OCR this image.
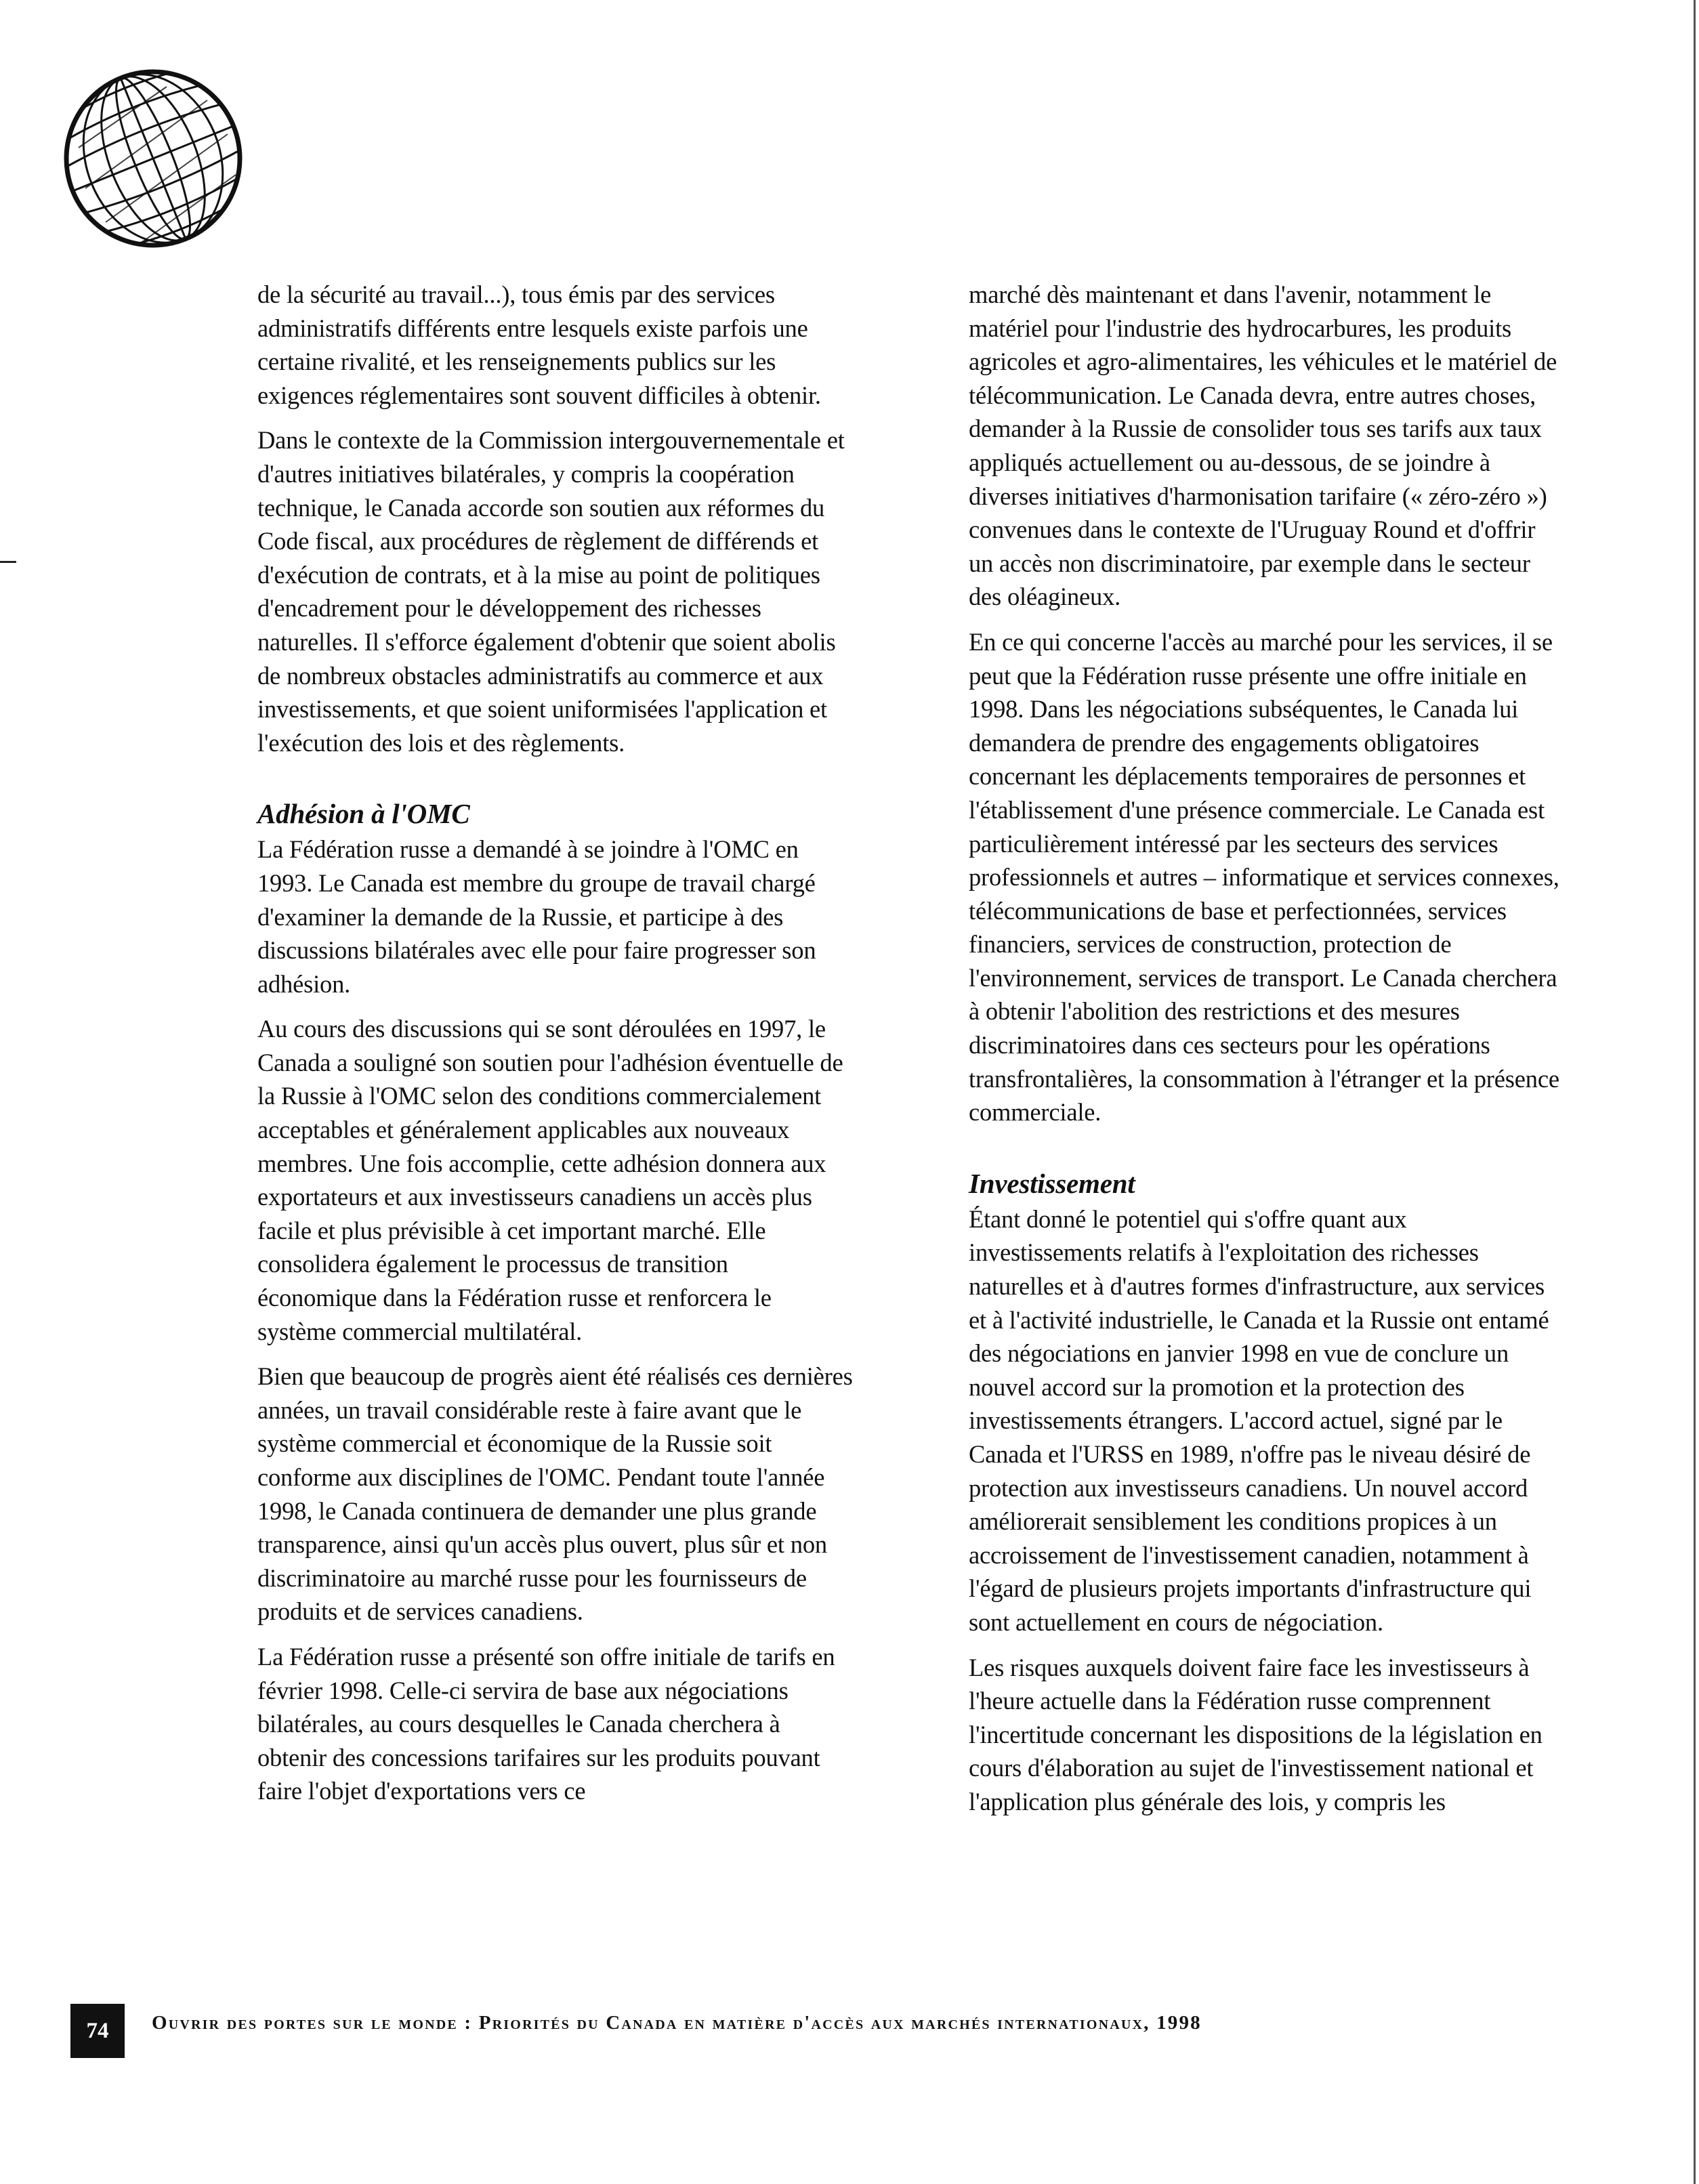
de la sécurité au travail...), tous émis par des services administratifs différents entre lesquels existe parfois une certaine rivalité, et les renseignements publics sur les exigences réglementaires sont souvent difficiles à obtenir.

Dans le contexte de la Commission intergouvernementale et d'autres initiatives bilatérales, y compris la coopération technique, le Canada accorde son soutien aux réformes du Code fiscal, aux procédures de règlement de différends et d'exécution de contrats, et à la mise au point de politiques d'encadrement pour le développement des richesses naturelles. Il s'efforce également d'obtenir que soient abolis de nombreux obstacles administratifs au commerce et aux investissements, et que soient uniformisées l'application et l'exécution des lois et des règlements.

Adhésion à l'OMC

La Fédération russe a demandé à se joindre à l'OMC en 1993. Le Canada est membre du groupe de travail chargé d'examiner la demande de la Russie, et participe à des discussions bilatérales avec elle pour faire progresser son adhésion.

Au cours des discussions qui se sont déroulées en 1997, le Canada a souligné son soutien pour l'adhésion éventuelle de la Russie à l'OMC selon des conditions commercialement acceptables et généralement applicables aux nouveaux membres. Une fois accomplie, cette adhésion donnera aux exportateurs et aux investisseurs canadiens un accès plus facile et plus prévisible à cet important marché. Elle consolidera également le processus de transition économique dans la Fédération russe et renforcera le système commercial multilatéral.

Bien que beaucoup de progrès aient été réalisés ces dernières années, un travail considérable reste à faire avant que le système commercial et économique de la Russie soit conforme aux disciplines de l'OMC. Pendant toute l'année 1998, le Canada continuera de demander une plus grande transparence, ainsi qu'un accès plus ouvert, plus sûr et non discriminatoire au marché russe pour les fournisseurs de produits et de services canadiens.

La Fédération russe a présenté son offre initiale de tarifs en février 1998. Celle-ci servira de base aux négociations bilatérales, au cours desquelles le Canada cherchera à obtenir des concessions tarifaires sur les produits pouvant faire l'objet d'exportations vers ce

marché dès maintenant et dans l'avenir, notamment le matériel pour l'industrie des hydrocarbures, les produits agricoles et agro-alimentaires, les véhicules et le matériel de télécommunication. Le Canada devra, entre autres choses, demander à la Russie de consolider tous ses tarifs aux taux appliqués actuellement ou au-dessous, de se joindre à diverses initiatives d'harmonisation tarifaire (« zéro-zéro ») convenues dans le contexte de l'Uruguay Round et d'offrir un accès non discriminatoire, par exemple dans le secteur des oléagineux.

En ce qui concerne l'accès au marché pour les services, il se peut que la Fédération russe présente une offre initiale en 1998. Dans les négociations subséquentes, le Canada lui demandera de prendre des engagements obligatoires concernant les déplacements temporaires de personnes et l'établissement d'une présence commerciale. Le Canada est particulièrement intéressé par les secteurs des services professionnels et autres – informatique et services connexes, télécommunications de base et perfectionnées, services financiers, services de construction, protection de l'environnement, services de transport. Le Canada cherchera à obtenir l'abolition des restrictions et des mesures discriminatoires dans ces secteurs pour les opérations transfrontalières, la consommation à l'étranger et la présence commerciale.

Investissement

Étant donné le potentiel qui s'offre quant aux investissements relatifs à l'exploitation des richesses naturelles et à d'autres formes d'infrastructure, aux services et à l'activité industrielle, le Canada et la Russie ont entamé des négociations en janvier 1998 en vue de conclure un nouvel accord sur la promotion et la protection des investissements étrangers. L'accord actuel, signé par le Canada et l'URSS en 1989, n'offre pas le niveau désiré de protection aux investisseurs canadiens. Un nouvel accord améliorerait sensiblement les conditions propices à un accroissement de l'investissement canadien, notamment à l'égard de plusieurs projets importants d'infrastructure qui sont actuellement en cours de négociation.

Les risques auxquels doivent faire face les investisseurs à l'heure actuelle dans la Fédération russe comprennent l'incertitude concernant les dispositions de la législation en cours d'élaboration au sujet de l'investissement national et l'application plus générale des lois, y compris les

74	Ouvrir des portes sur le monde : Priorités du Canada en matière d'accès aux marchés internationaux, 1998
